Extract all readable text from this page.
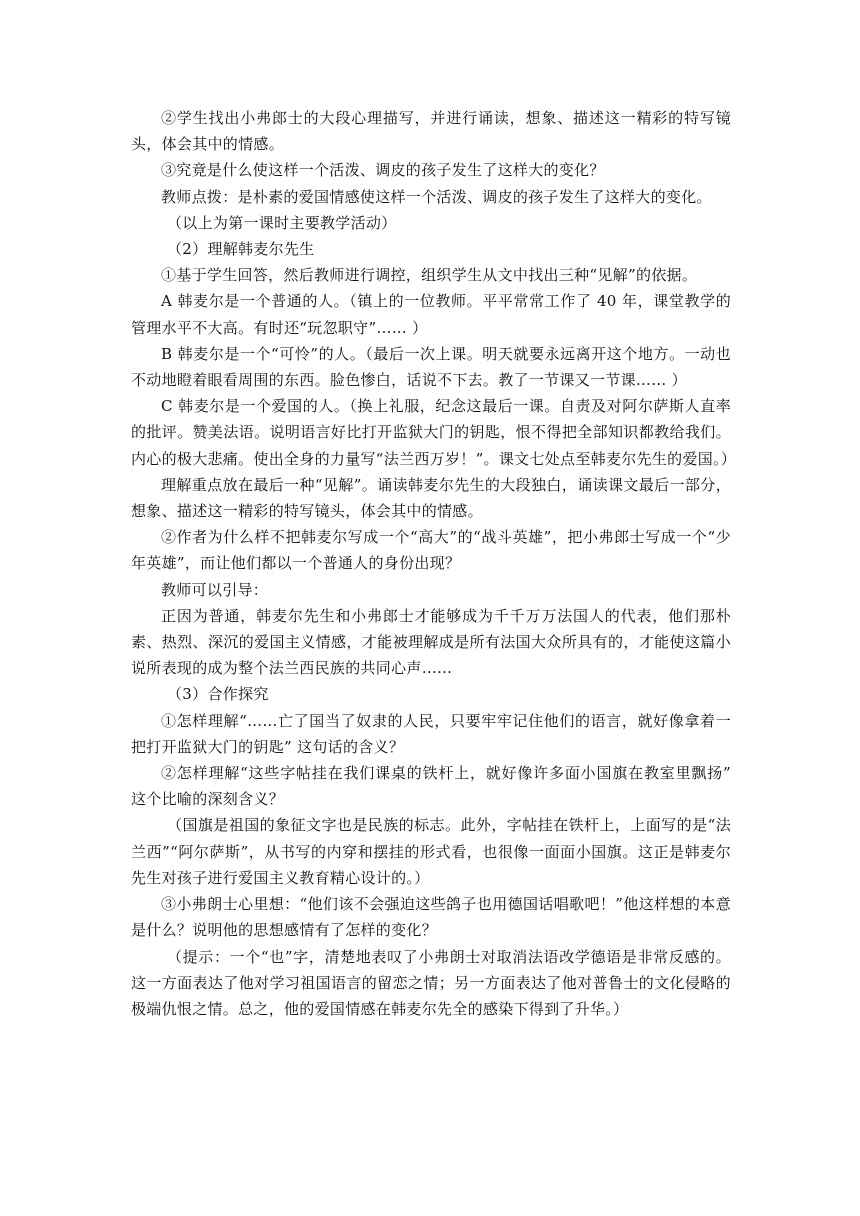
②学生找出小弗郎士的大段心理描写，并进行诵读，想象、描述这一精彩的特写镜头，体会其中的情感。

③究竟是什么使这样一个活泼、调皮的孩子发生了这样大的变化？

教师点拨：是朴素的爱国情感使这样一个活泼、调皮的孩子发生了这样大的变化。

（以上为第一课时主要教学活动）

（2）理解韩麦尔先生

①基于学生回答，然后教师进行调控，组织学生从文中找出三种“见解”的依据。

A 韩麦尔是一个普通的人。（镇上的一位教师。平平常常工作了 40 年，课堂教学的管理水平不大高。有时还“玩忽职守”…… ）

B 韩麦尔是一个“可怜”的人。（最后一次上课。明天就要永远离开这个地方。一动也不动地瞪着眼看周围的东西。脸色惨白，话说不下去。教了一节课又一节课…… ）

C 韩麦尔是一个爱国的人。（换上礼服，纪念这最后一课。自责及对阿尔萨斯人直率的批评。赞美法语。说明语言好比打开监狱大门的钥匙，恨不得把全部知识都教给我们。内心的极大悲痛。使出全身的力量写“法兰西万岁！”。课文七处点至韩麦尔先生的爱国。）

理解重点放在最后一种“见解”。诵读韩麦尔先生的大段独白，诵读课文最后一部分，想象、描述这一精彩的特写镜头，体会其中的情感。

②作者为什么样不把韩麦尔写成一个“高大”的“战斗英雄”，把小弗郎士写成一个“少年英雄”，而让他们都以一个普通人的身份出现？

教师可以引导：

正因为普通，韩麦尔先生和小弗郎士才能够成为千千万万法国人的代表，他们那朴素、热烈、深沉的爱国主义情感，才能被理解成是所有法国大众所具有的，才能使这篇小说所表现的成为整个法兰西民族的共同心声……

（3）合作探究

①怎样理解“……亡了国当了奴隶的人民，只要牢牢记住他们的语言，就好像拿着一把打开监狱大门的钥匙” 这句话的含义？

②怎样理解“这些字帖挂在我们课桌的铁杆上，就好像许多面小国旗在教室里飘扬” 这个比喻的深刻含义？

（国旗是祖国的象征文字也是民族的标志。此外，字帖挂在铁杆上，上面写的是“法兰西”“阿尔萨斯”，从书写的内穿和摆挂的形式看，也很像一面面小国旗。这正是韩麦尔先生对孩子进行爱国主义教育精心设计的。）

③小弗朗士心里想：“他们该不会强迫这些鸽子也用德国话唱歌吧！”他这样想的本意是什么？说明他的思想感情有了怎样的变化？

（提示：一个“也”字，清楚地表叹了小弗朗士对取消法语改学德语是非常反感的。这一方面表达了他对学习祖国语言的留恋之情；另一方面表达了他对普鲁士的文化侵略的极端仇恨之情。总之，他的爱国情感在韩麦尔先全的感染下得到了升华。）
